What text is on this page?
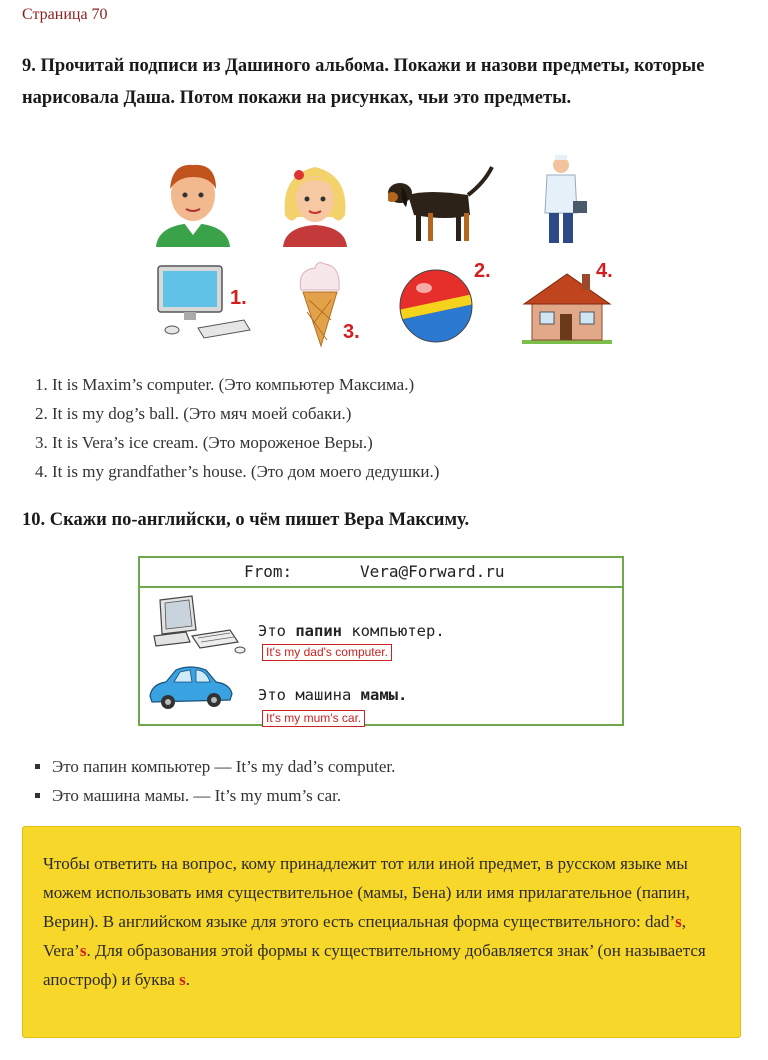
Страница 70
9. Прочитай подписи из Дашиного альбома. Покажи и назови предметы, которые нарисовала Даша. Потом покажи на рисунках, чьи это предметы.
1.
3.
2.	4.
1. It is Maxim’s computer. (Это компьютер Максима.)
2. It is my dog’s ball. (Это мяч моей собаки.)
3. It is Vera’s ice cream. (Это мороженое Веры.)
4. It is my grandfather’s house. (Это дом моего дедушки.)
10. Скажи по-английски, о чём пишет Вера Максиму.
From:	Vera@Forward.ru
Это папин компьютер.
It's my dad's computer.
Это машина мамы.
It's my mum's car.
▪ Это папин компьютер — It’s my dad’s computer.
▪ Это машина мамы. — It’s my mum’s car.
Чтобы ответить на вопрос, кому принадлежит тот или иной предмет, в русском языке мы можем использовать имя существительное (мамы, Бена) или имя прилагательное (папин, Верин). В английском языке для этого есть специальная форма существительного: dad’s, Vera’s. Для образования этой формы к существительному добавляется знак’ (он называется апостроф) и буква s.
